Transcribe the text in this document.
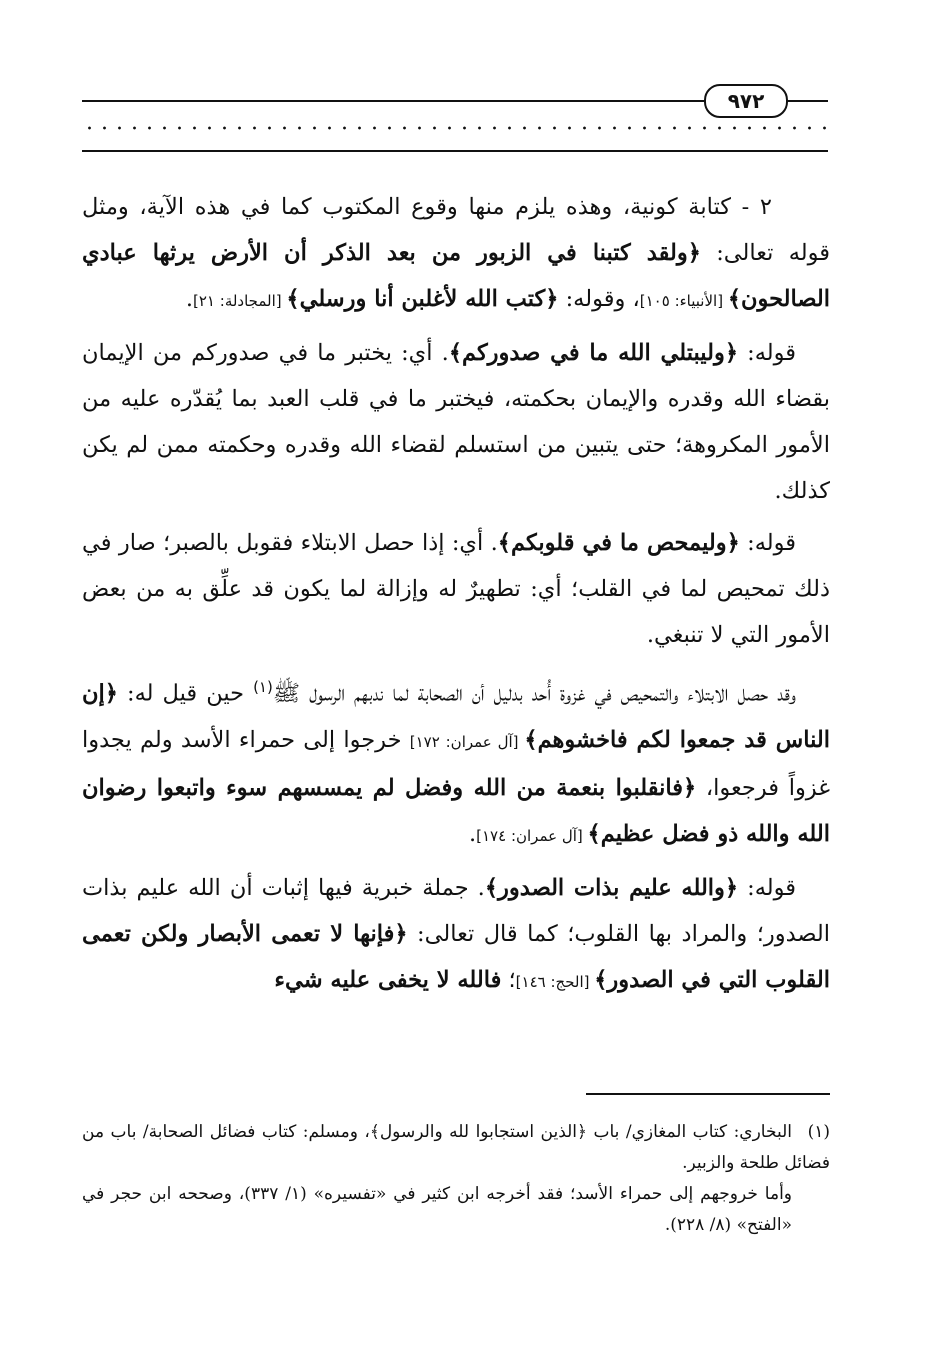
٩٧٢

٢ - كتابة كونية، وهذه يلزم منها وقوع المكتوب كما في هذه الآية، ومثل قوله تعالى: ﴿ولقد كتبنا في الزبور من بعد الذكر أن الأرض يرثها عبادي الصالحون﴾ [الأنبياء: ١٠٥]، وقوله: ﴿كتب الله لأغلبن أنا ورسلي﴾ [المجادلة: ٢١].

قوله: ﴿وليبتلي الله ما في صدوركم﴾. أي: يختبر ما في صدوركم من الإيمان بقضاء الله وقدره والإيمان بحكمته، فيختبر ما في قلب العبد بما يُقدّره عليه من الأمور المكروهة؛ حتى يتبين من استسلم لقضاء الله وقدره وحكمته ممن لم يكن كذلك.

قوله: ﴿وليمحص ما في قلوبكم﴾. أي: إذا حصل الابتلاء فقوبل بالصبر؛ صار في ذلك تمحيص لما في القلب؛ أي: تطهيرٌ له وإزالة لما يكون قد علِّق به من بعض الأمور التي لا تنبغي.

وقد حصل الابتلاء والتمحيص في غزوة أُحد بدليل أن الصحابة لما ندبهم الرسول ﷺ$^{(١)}$ حين قيل له: ﴿إن الناس قد جمعوا لكم فاخشوهم﴾ [آل عمران: ١٧٢] خرجوا إلى حمراء الأسد ولم يجدوا غزواً فرجعوا، ﴿فانقلبوا بنعمة من الله وفضل لم يمسسهم سوء واتبعوا رضوان الله والله ذو فضل عظيم﴾ [آل عمران: ١٧٤].

قوله: ﴿والله عليم بذات الصدور﴾. جملة خبرية فيها إثبات أن الله عليم بذات الصدور؛ والمراد بها القلوب؛ كما قال تعالى: ﴿فإنها لا تعمى الأبصار ولكن تعمى القلوب التي في الصدور﴾ [الحج: ١٤٦]؛ فالله لا يخفى عليه شيء

(١)البخاري: كتاب المغازي/ باب ﴿الذين استجابوا لله والرسول﴾، ومسلم: كتاب فضائل الصحابة/ باب من فضائل طلحة والزبير.

وأما خروجهم إلى حمراء الأسد؛ فقد أخرجه ابن كثير في «تفسيره» (١/ ٣٣٧)، وصححه ابن حجر في «الفتح» (٨/ ٢٢٨).
